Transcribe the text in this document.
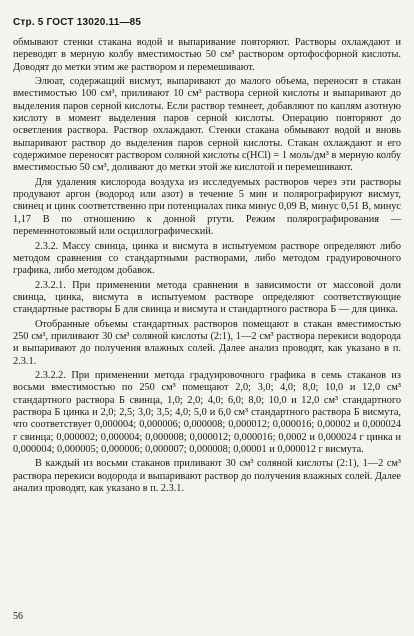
Стр. 5 ГОСТ 13020.11—85

обмывают стенки стакана водой и выпаривание повторяют. Растворы охлаждают и переводят в мерную колбу вместимостью 50 см³ раствором ортофосфорной кислоты. Доводят до метки этим же раствором и перемешивают.

Элюат, содержащий висмут, выпаривают до малого объема, переносят в стакан вместимостью 100 см³, приливают 10 см³ раствора серной кислоты и выпаривают до выделения паров серной кислоты. Если раствор темнеет, добавляют по каплям азотную кислоту в момент выделения паров серной кислоты. Операцию повторяют до осветления раствора. Раствор охлаждают. Стенки стакана обмывают водой и вновь выпаривают раствор до выделения паров серной кислоты. Стакан охлаждают и его содержимое переносят раствором соляной кислоты c(HCl) = 1 моль/дм³ в мерную колбу вместимостью 50 см³, доливают до метки этой же кислотой и перемешивают.

Для удаления кислорода воздуха из исследуемых растворов через эти растворы продувают аргон (водород или азот) в течение 5 мин и полярографируют висмут, свинец и цинк соответственно при потенциалах пика минус 0,09 В, минус 0,51 В, минус 1,17 В по отношению к донной ртути. Режим полярографирования — переменнотоковый или осциллографический.

2.3.2. Массу свинца, цинка и висмута в испытуемом растворе определяют либо методом сравнения со стандартными растворами, либо методом градуировочного графика, либо методом добавок.

2.3.2.1. При применении метода сравнения в зависимости от массовой доли свинца, цинка, висмута в испытуемом растворе определяют соответствующие стандартные растворы Б для свинца и висмута и стандартного раствора Б — для цинка.

Отобранные объемы стандартных растворов помещают в стакан вместимостью 250 см³, приливают 30 см³ соляной кислоты (2:1), 1—2 см³ раствора перекиси водорода и выпаривают до получения влажных солей. Далее анализ проводят, как указано в п. 2.3.1.

2.3.2.2. При применении метода градуировочного графика в семь стаканов из восьми вместимостью по 250 см³ помещают 2,0; 3,0; 4,0; 8,0; 10,0 и 12,0 см³ стандартного раствора Б свинца, 1,0; 2,0; 4,0; 6,0; 8,0; 10,0 и 12,0 см³ стандартного раствора Б цинка и 2,0; 2,5; 3,0; 3,5; 4,0; 5,0 и 6,0 см³ стандартного раствора Б висмута, что соответствует 0,000004; 0,000006; 0,000008; 0,000012; 0,000016; 0,00002 и 0,000024 г свинца; 0,000002; 0,000004; 0,000008; 0,000012; 0,000016; 0,0002 и 0,000024 г цинка и 0,000004; 0,000005; 0,000006; 0,000007; 0,000008; 0,00001 и 0,000012 г висмута.

В каждый из восьми стаканов приливают 30 см³ соляной кислоты (2:1), 1—2 см³ раствора перекиси водорода и выпаривают раствор до получения влажных солей. Далее анализ проводят, как указано в п. 2.3.1.

56
